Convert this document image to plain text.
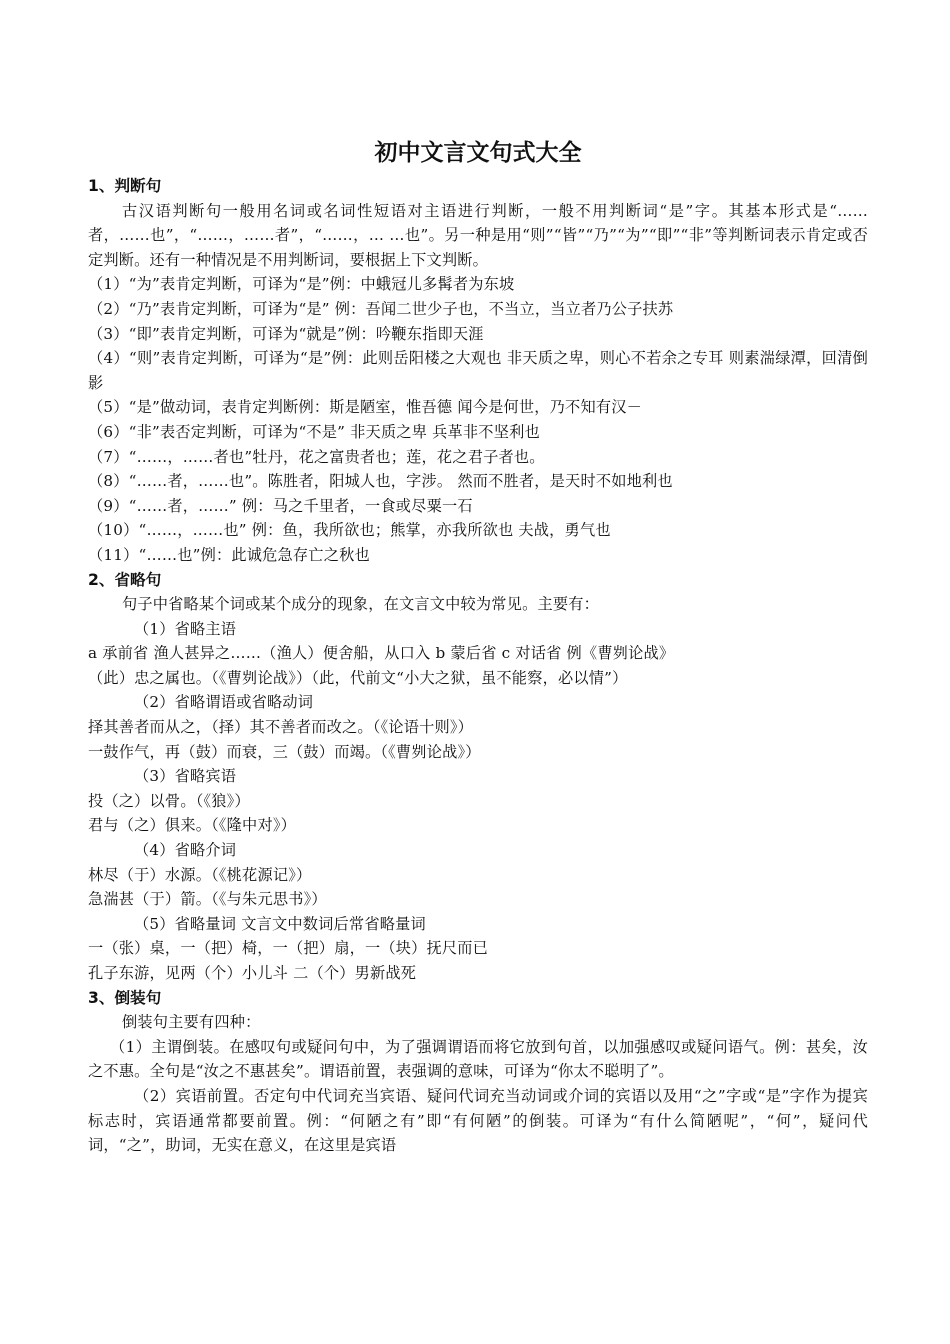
初中文言文句式大全
1、判断句
古汉语判断句一般用名词或名词性短语对主语进行判断，一般不用判断词“是”字。其基本形式是“……者，……也”，“……，……者”，“……，… …也”。另一种是用“则”“皆”“乃”“为”“即”“非”等判断词表示肯定或否定判断。还有一种情况是不用判断词，要根据上下文判断。
（1）“为”表肯定判断，可译为“是”例：中蛾冠儿多髯者为东坡
（2）“乃”表肯定判断，可译为“是” 例：吾闻二世少子也，不当立，当立者乃公子扶苏
（3）“即”表肯定判断，可译为“就是”例：吟鞭东指即天涯
（4）“则”表肯定判断，可译为“是”例：此则岳阳楼之大观也 非天质之卑，则心不若余之专耳 则素湍绿潭，回清倒影
（5）“是”做动词，表肯定判断例：斯是陋室，惟吾德 闻今是何世，乃不知有汉－
（6）“非”表否定判断，可译为“不是” 非天质之卑 兵革非不坚利也
（7）“……，……者也”牡丹，花之富贵者也；莲，花之君子者也。
（8）“……者，……也”。陈胜者，阳城人也，字涉。 然而不胜者，是天时不如地利也
（9）“……者，……” 例：马之千里者，一食或尽粟一石
（10）“……，……也” 例：鱼，我所欲也；熊掌，亦我所欲也 夫战，勇气也
（11）“……也”例：此诚危急存亡之秋也
2、省略句
句子中省略某个词或某个成分的现象，在文言文中较为常见。主要有：
（1）省略主语
a 承前省 渔人甚异之……（渔人）便舍船，从口入 b 蒙后省 c 对话省 例《曹刿论战》
（此）忠之属也。（《曹刿论战》）（此，代前文“小大之狱，虽不能察，必以情”）
（2）省略谓语或省略动词
择其善者而从之，（择）其不善者而改之。（《论语十则》）
一鼓作气，再（鼓）而衰，三（鼓）而竭。（《曹刿论战》）
（3）省略宾语
投（之）以骨。（《狼》）
君与（之）俱来。（《隆中对》）
（4）省略介词
林尽（于）水源。（《桃花源记》）
急湍甚（于）箭。（《与朱元思书》）
（5）省略量词 文言文中数词后常省略量词
一（张）桌，一（把）椅，一（把）扇，一（块）抚尺而已
孔子东游，见两（个）小儿斗 二（个）男新战死
3、倒装句
倒装句主要有四种：
（1）主谓倒装。在感叹句或疑问句中，为了强调谓语而将它放到句首，以加强感叹或疑问语气。例：甚矣，汝之不惠。全句是“汝之不惠甚矣”。谓语前置，表强调的意味，可译为“你太不聪明了”。
（2）宾语前置。否定句中代词充当宾语、疑问代词充当动词或介词的宾语以及用“之”字或“是”字作为提宾标志时，宾语通常都要前置。例：“何陋之有”即“有何陋”的倒装。可译为“有什么简陋呢”，“何”，疑问代词，“之”，助词，无实在意义，在这里是宾语
